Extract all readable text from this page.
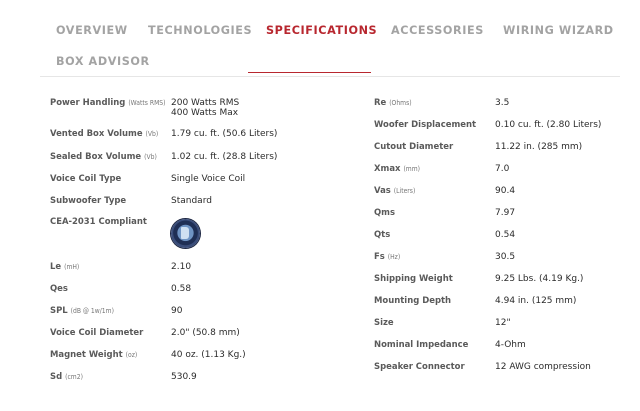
OVERVIEW TECHNOLOGIES SPECIFICATIONS ACCESSORIES WIRING WIZARD
BOX ADVISOR
Power Handling (Watts RMS) 200 Watts RMS
400 Watts Max
Vented Box Volume (Vb) 1.79 cu. ft. (50.6 Liters)
Sealed Box Volume (Vb) 1.02 cu. ft. (28.8 Liters)
Voice Coil Type	Single Voice Coil
Subwoofer Type	Standard
CEA-2031 Compliant
Le (mH)	2.10
Qes	0.58
SPL (dB @ 1w/1m)	90
Voice Coil Diameter	2.0" (50.8 mm)
Magnet Weight (oz)	40 oz. (1.13 Kg.)
Sd (cm2)	530.9
Re (Ohms)	3.5
Woofer Displacement 0.10 cu. ft. (2.80 Liters)
Cutout Diameter	11.22 in. (285 mm)
Xmax (mm)	7.0
Vas (Liters)	90.4
Qms	7.97
Qts	0.54
Fs (Hz)	30.5
Shipping Weight	9.25 Lbs. (4.19 Kg.)
Mounting Depth	4.94 in. (125 mm)
Size	12"
Nominal Impedance	4-Ohm
Speaker Connector	12 AWG compression
